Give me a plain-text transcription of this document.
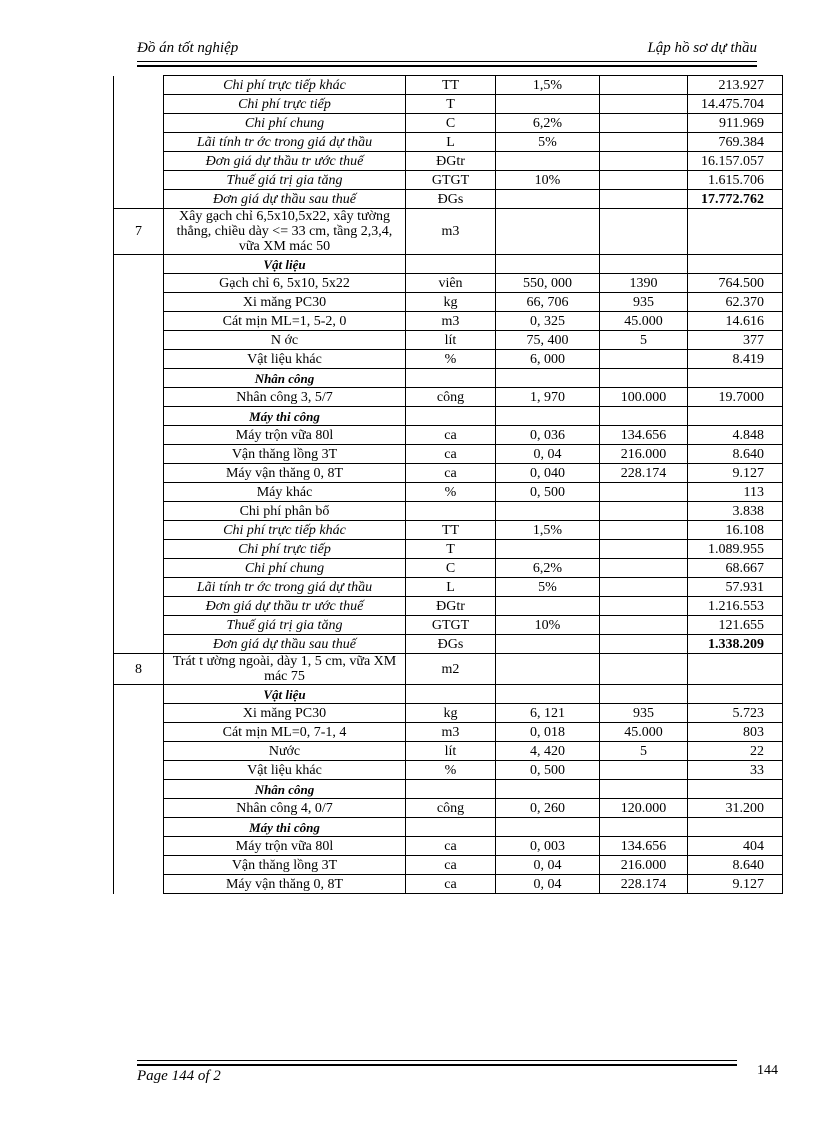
Đồ án tốt nghiệp	Lập hồ sơ dự thầu
	Chi phí trực tiếp khác	TT	1,5%		213.927
	Chi phí trực tiếp	T			14.475.704
	Chi phí chung	C	6,2%		911.969
	Lãi tính tr ớc trong giá dự thầu	L	5%		769.384
	Đơn giá dự thầu tr ước thuế	ĐGtr			16.157.057
	Thuế giá trị gia tăng	GTGT	10%		1.615.706
	Đơn giá dự thầu sau thuế	ĐGs			17.772.762
7	Xây gạch chỉ 6,5x10,5x22, xây tường thẳng, chiều dày <= 33 cm, tầng 2,3,4, vữa XM mác 50	m3			
	Vật liệu				
	Gạch chỉ 6, 5x10, 5x22	viên	550, 000	1390	764.500
	Xi măng PC30	kg	66, 706	935	62.370
	Cát mịn ML=1, 5-2, 0	m3	0, 325	45.000	14.616
	N ớc	lít	75, 400	5	377
	Vật liệu khác	%	6, 000		8.419
	Nhân công				
	Nhân công 3, 5/7	công	1, 970	100.000	19.7000
	Máy thi công				
	Máy trộn vữa 80l	ca	0, 036	134.656	4.848
	Vận thăng lồng 3T	ca	0, 04	216.000	8.640
	Máy vận thăng 0, 8T	ca	0, 040	228.174	9.127
	Máy khác	%	0, 500		113
	Chi phí phân bổ				3.838
	Chi phí trực tiếp khác	TT	1,5%		16.108
	Chi phí trực tiếp	T			1.089.955
	Chi phí chung	C	6,2%		68.667
	Lãi tính tr ớc trong giá dự thầu	L	5%		57.931
	Đơn giá dự thầu tr ước thuế	ĐGtr			1.216.553
	Thuế giá trị gia tăng	GTGT	10%		121.655
	Đơn giá dự thầu sau thuế	ĐGs			1.338.209
8	Trát t ường ngoài, dày 1, 5 cm, vữa XM mác 75	m2			
	Vật liệu				
	Xi măng PC30	kg	6, 121	935	5.723
	Cát mịn ML=0, 7-1, 4	m3	0, 018	45.000	803
	Nước	lít	4, 420	5	22
	Vật liệu khác	%	0, 500		33
	Nhân công				
	Nhân công 4, 0/7	công	0, 260	120.000	31.200
	Máy thi công				
	Máy trộn vữa 80l	ca	0, 003	134.656	404
	Vận thăng lồng 3T	ca	0, 04	216.000	8.640
	Máy vận thăng 0, 8T	ca	0, 04	228.174	9.127
Page 144 of 2	144
